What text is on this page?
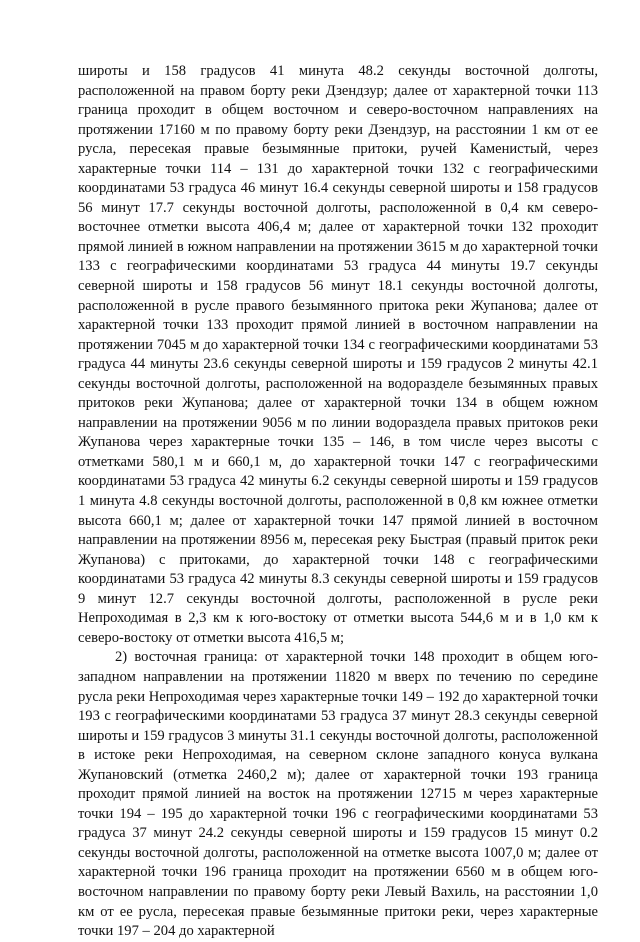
широты и 158 градусов 41 минута 48.2 секунды восточной долготы, расположенной на правом борту реки Дзендзур; далее от характерной точки 113 граница проходит в общем восточном и северо-восточном направлениях на протяжении 17160 м по правому борту реки Дзендзур, на расстоянии 1 км от ее русла, пересекая правые безымянные притоки, ручей Каменистый, через характерные точки 114 – 131 до характерной точки 132 с географическими координатами 53 градуса 46 минут 16.4 секунды северной широты и 158 градусов 56 минут 17.7 секунды восточной долготы, расположенной в 0,4 км северо-восточнее отметки высота 406,4 м; далее от характерной точки 132 проходит прямой линией в южном направлении на протяжении 3615 м до характерной точки 133 с географическими координатами 53 градуса 44 минуты 19.7 секунды северной широты и 158 градусов 56 минут 18.1 секунды восточной долготы, расположенной в русле правого безымянного притока реки Жупанова; далее от характерной точки 133 проходит прямой линией в восточном направлении на протяжении 7045 м до характерной точки 134 с географическими координатами 53 градуса 44 минуты 23.6 секунды северной широты и 159 градусов 2 минуты 42.1 секунды восточной долготы, расположенной на водоразделе безымянных правых притоков реки Жупанова; далее от характерной точки 134 в общем южном направлении на протяжении 9056 м по линии водораздела правых притоков реки Жупанова через характерные точки 135 – 146, в том числе через высоты с отметками 580,1 м и 660,1 м, до характерной точки 147 с географическими координатами 53 градуса 42 минуты 6.2 секунды северной широты и 159 градусов 1 минута 4.8 секунды восточной долготы, расположенной в 0,8 км южнее отметки высота 660,1 м; далее от характерной точки 147 прямой линией в восточном направлении на протяжении 8956 м, пересекая реку Быстрая (правый приток реки Жупанова) с притоками, до характерной точки 148 с географическими координатами 53 градуса 42 минуты 8.3 секунды северной широты и 159 градусов 9 минут 12.7 секунды восточной долготы, расположенной в русле реки Непроходимая в 2,3 км к юго-востоку от отметки высота 544,6 м и в 1,0 км к северо-востоку от отметки высота 416,5 м;

2) восточная граница: от характерной точки 148 проходит в общем юго-западном направлении на протяжении 11820 м вверх по течению по середине русла реки Непроходимая через характерные точки 149 – 192 до характерной точки 193 с географическими координатами 53 градуса 37 минут 28.3 секунды северной широты и 159 градусов 3 минуты 31.1 секунды восточной долготы, расположенной в истоке реки Непроходимая, на северном склоне западного конуса вулкана Жупановский (отметка 2460,2 м); далее от характерной точки 193 граница проходит прямой линией на восток на протяжении 12715 м через характерные точки 194 – 195 до характерной точки 196 с географическими координатами 53 градуса 37 минут 24.2 секунды северной широты и 159 градусов 15 минут 0.2 секунды восточной долготы, расположенной на отметке высота 1007,0 м; далее от характерной точки 196 граница проходит на протяжении 6560 м в общем юго-восточном направлении по правому борту реки Левый Вахиль, на расстоянии 1,0 км от ее русла, пересекая правые безымянные притоки реки, через характерные точки 197 – 204 до характерной
